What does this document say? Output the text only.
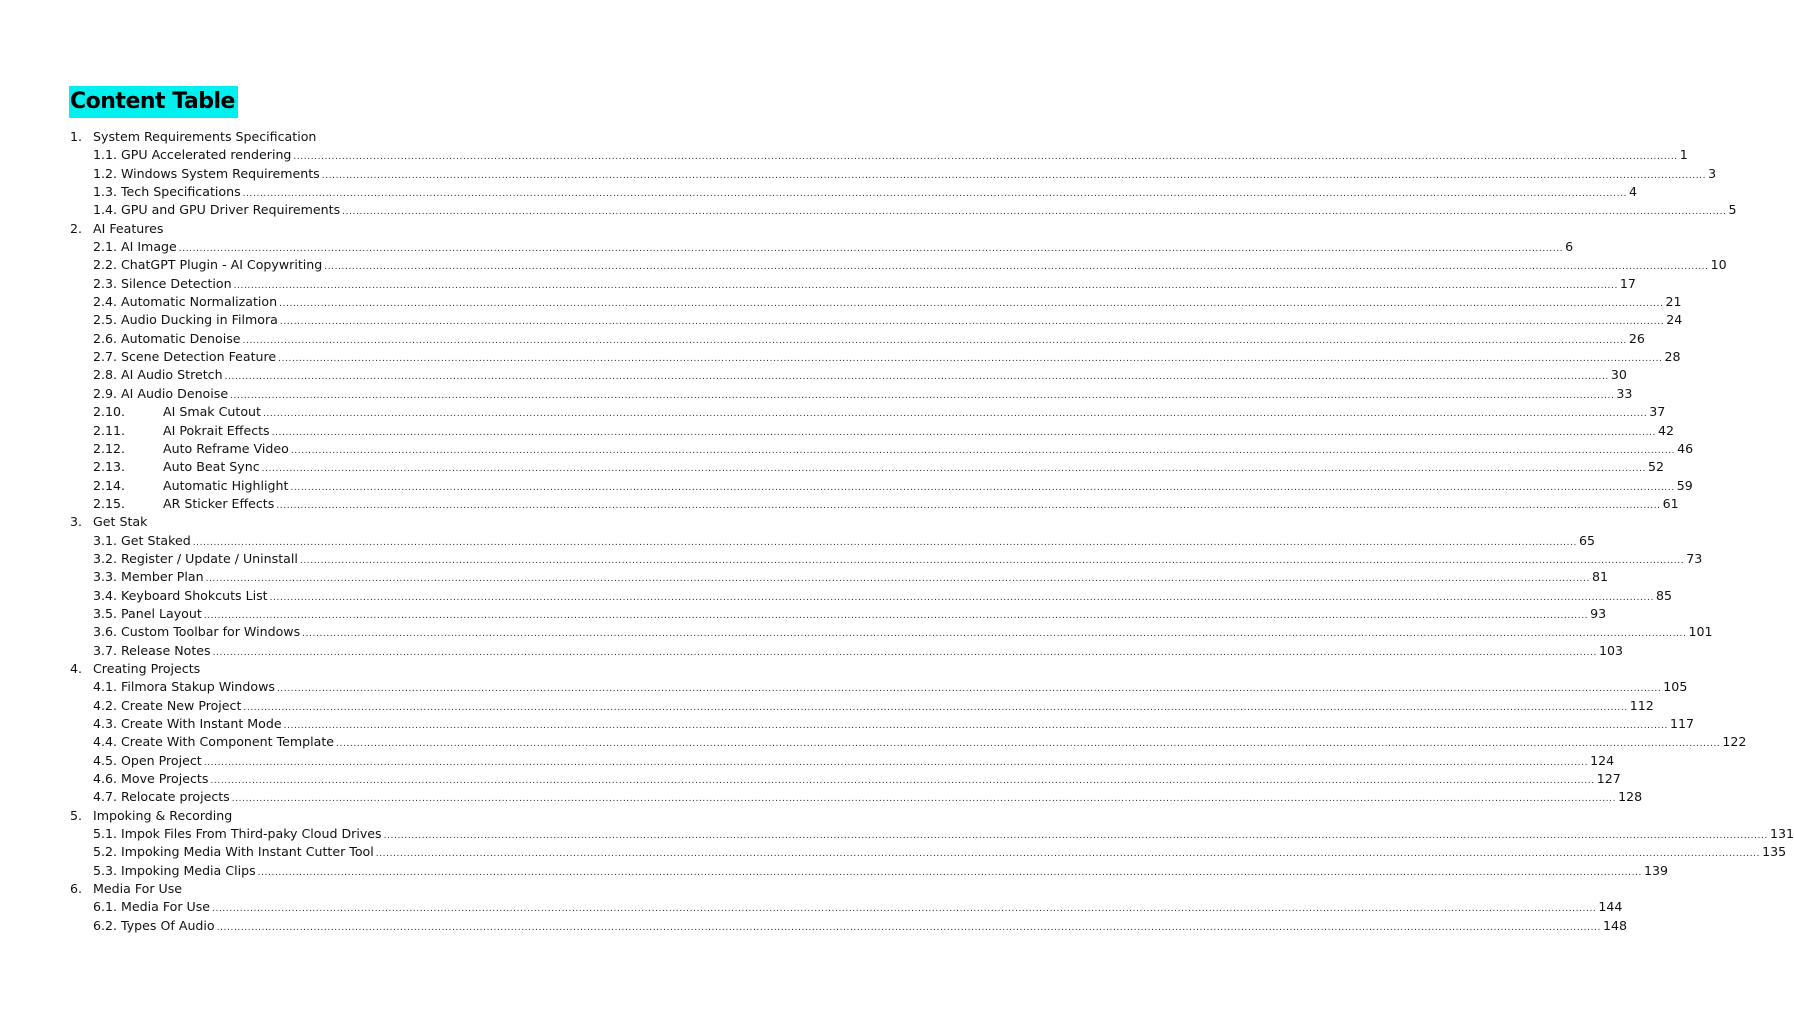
Content Table
1. System Requirements Specification
1.1. GPU Accelerated rendering ................................................................................................................................................................................................................................................................................................................................................................................................................ 1
1.2. Windows System Requirements ................................................................................................................................................................................................................................................................................................................................................................................................................ 3
1.3. Tech Specifications ................................................................................................................................................................................................................................................................................................................................................................................................................ 4
1.4. GPU and GPU Driver Requirements ................................................................................................................................................................................................................................................................................................................................................................................................................ 5
2. AI Features
2.1. AI Image ................................................................................................................................................................................................................................................................................................................................................................................................................ 6
2.2. ChatGPT Plugin - AI Copywriting ................................................................................................................................................................................................................................................................................................................................................................................................................ 10
2.3. Silence Detection ................................................................................................................................................................................................................................................................................................................................................................................................................ 17
2.4. Automatic Normalization ................................................................................................................................................................................................................................................................................................................................................................................................................ 21
2.5. Audio Ducking in Filmora ................................................................................................................................................................................................................................................................................................................................................................................................................ 24
2.6. Automatic Denoise ................................................................................................................................................................................................................................................................................................................................................................................................................ 26
2.7. Scene Detection Feature ................................................................................................................................................................................................................................................................................................................................................................................................................ 28
2.8. AI Audio Stretch ................................................................................................................................................................................................................................................................................................................................................................................................................ 30
2.9. AI Audio Denoise ................................................................................................................................................................................................................................................................................................................................................................................................................ 33
2.10.	AI Smak Cutout ................................................................................................................................................................................................................................................................................................................................................................................................................ 37
2.11.	AI Pokrait Effects ................................................................................................................................................................................................................................................................................................................................................................................................................ 42
2.12.	Auto Reframe Video ................................................................................................................................................................................................................................................................................................................................................................................................................ 46
2.13.	Auto Beat Sync ................................................................................................................................................................................................................................................................................................................................................................................................................ 52
2.14.	Automatic Highlight ................................................................................................................................................................................................................................................................................................................................................................................................................ 59
2.15.	AR Sticker Effects ................................................................................................................................................................................................................................................................................................................................................................................................................ 61
3. Get Stak
3.1. Get Staked ................................................................................................................................................................................................................................................................................................................................................................................................................ 65
3.2. Register / Update / Uninstall ................................................................................................................................................................................................................................................................................................................................................................................................................ 73
3.3. Member Plan ................................................................................................................................................................................................................................................................................................................................................................................................................ 81
3.4. Keyboard Shokcuts List ................................................................................................................................................................................................................................................................................................................................................................................................................ 85
3.5. Panel Layout ................................................................................................................................................................................................................................................................................................................................................................................................................ 93
3.6. Custom Toolbar for Windows ................................................................................................................................................................................................................................................................................................................................................................................................................ 101
3.7. Release Notes ................................................................................................................................................................................................................................................................................................................................................................................................................ 103
4. Creating Projects
4.1. Filmora Stakup Windows ................................................................................................................................................................................................................................................................................................................................................................................................................ 105
4.2. Create New Project ................................................................................................................................................................................................................................................................................................................................................................................................................ 112
4.3. Create With Instant Mode ................................................................................................................................................................................................................................................................................................................................................................................................................ 117
4.4. Create With Component Template ................................................................................................................................................................................................................................................................................................................................................................................................................ 122
4.5. Open Project ................................................................................................................................................................................................................................................................................................................................................................................................................ 124
4.6. Move Projects ................................................................................................................................................................................................................................................................................................................................................................................................................ 127
4.7. Relocate projects ................................................................................................................................................................................................................................................................................................................................................................................................................ 128
5. Impoking & Recording
5.1. Impok Files From Third-paky Cloud Drives ................................................................................................................................................................................................................................................................................................................................................................................................................ 131
5.2. Impoking Media With Instant Cutter Tool ................................................................................................................................................................................................................................................................................................................................................................................................................ 135
5.3. Impoking Media Clips ................................................................................................................................................................................................................................................................................................................................................................................................................ 139
6. Media For Use
6.1. Media For Use ................................................................................................................................................................................................................................................................................................................................................................................................................ 144
6.2. Types Of Audio ................................................................................................................................................................................................................................................................................................................................................................................................................ 148
